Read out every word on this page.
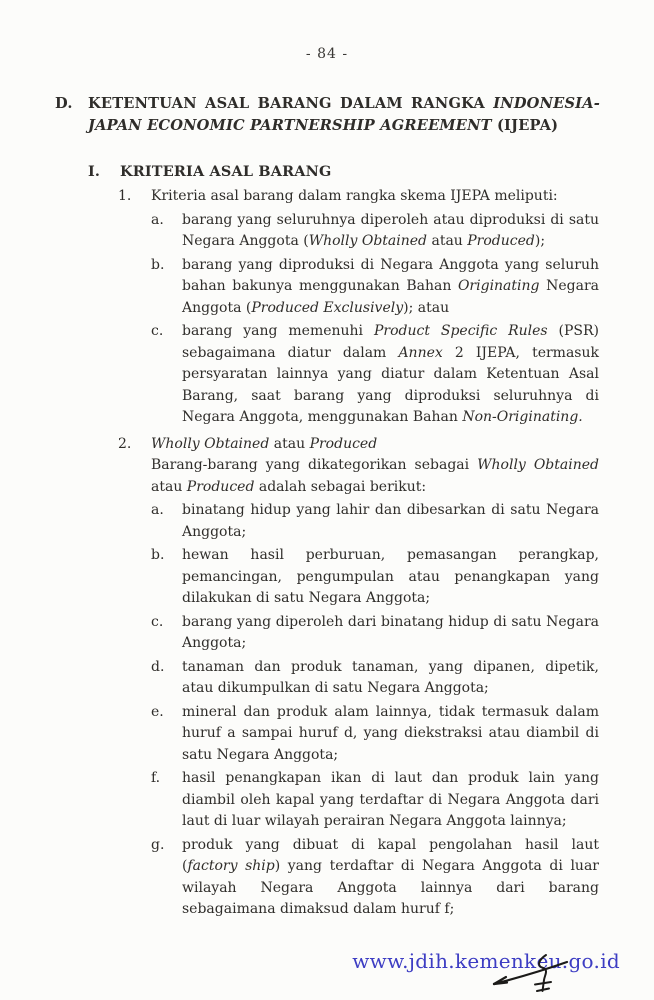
- 84 -
D.	KETENTUAN ASAL BARANG DALAM RANGKA INDONESIA-JAPAN ECONOMIC PARTNERSHIP AGREEMENT (IJEPA)
I.	KRITERIA ASAL BARANG
1.	Kriteria asal barang dalam rangka skema IJEPA meliputi:
a.	barang yang seluruhnya diperoleh atau diproduksi di satu Negara Anggota (Wholly Obtained atau Produced);
b.	barang yang diproduksi di Negara Anggota yang seluruh bahan bakunya menggunakan Bahan Originating Negara Anggota (Produced Exclusively); atau
c.	barang yang memenuhi Product Specific Rules (PSR) sebagaimana diatur dalam Annex 2 IJEPA, termasuk persyaratan lainnya yang diatur dalam Ketentuan Asal Barang, saat barang yang diproduksi seluruhnya di Negara Anggota, menggunakan Bahan Non-Originating.
2.	Wholly Obtained atau Produced
Barang-barang yang dikategorikan sebagai Wholly Obtained atau Produced adalah sebagai berikut:
a.	binatang hidup yang lahir dan dibesarkan di satu Negara Anggota;
b.	hewan hasil perburuan, pemasangan perangkap, pemancingan, pengumpulan atau penangkapan yang dilakukan di satu Negara Anggota;
c.	barang yang diperoleh dari binatang hidup di satu Negara Anggota;
d.	tanaman dan produk tanaman, yang dipanen, dipetik, atau dikumpulkan di satu Negara Anggota;
e.	mineral dan produk alam lainnya, tidak termasuk dalam huruf a sampai huruf d, yang diekstraksi atau diambil di satu Negara Anggota;
f.	hasil penangkapan ikan di laut dan produk lain yang diambil oleh kapal yang terdaftar di Negara Anggota dari laut di luar wilayah perairan Negara Anggota lainnya;
g.	produk yang dibuat di kapal pengolahan hasil laut (factory ship) yang terdaftar di Negara Anggota di luar wilayah Negara Anggota lainnya dari barang sebagaimana dimaksud dalam huruf f;
www.jdih.kemenkeu.go.id
